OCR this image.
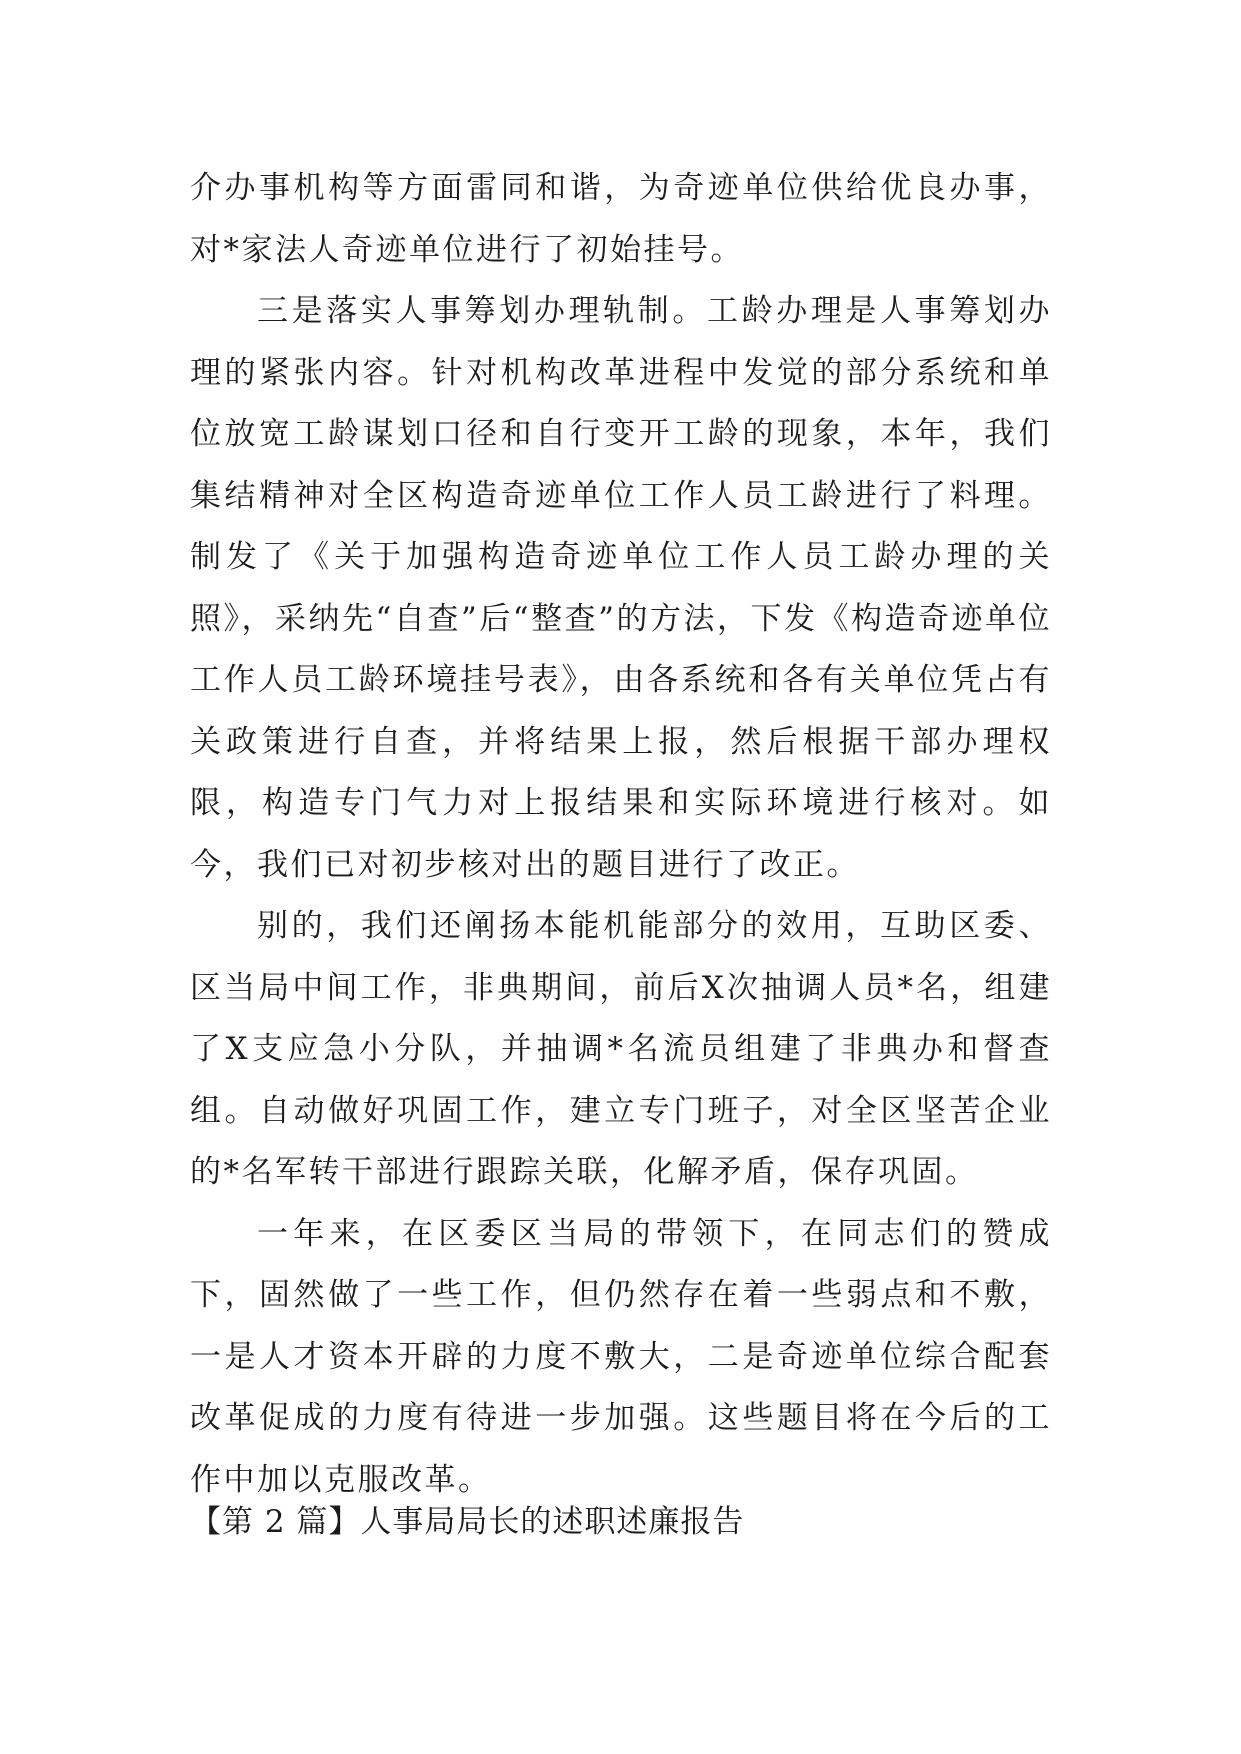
介办事机构等方面雷同和谐，为奇迹单位供给优良办事，对*家法人奇迹单位进行了初始挂号。

三是落实人事筹划办理轨制。工龄办理是人事筹划办理的紧张内容。针对机构改革进程中发觉的部分系统和单位放宽工龄谋划口径和自行变开工龄的现象，本年，我们集结精神对全区构造奇迹单位工作人员工龄进行了料理。制发了《关于加强构造奇迹单位工作人员工龄办理的关照》，采纳先“自查”后“整查”的方法，下发《构造奇迹单位工作人员工龄环境挂号表》，由各系统和各有关单位凭占有关政策进行自查，并将结果上报，然后根据干部办理权限，构造专门气力对上报结果和实际环境进行核对。如今，我们已对初步核对出的题目进行了改正。

别的，我们还阐扬本能机能部分的效用，互助区委、区当局中间工作，非典期间，前后X次抽调人员*名，组建了X支应急小分队，并抽调*名流员组建了非典办和督查组。自动做好巩固工作，建立专门班子，对全区坚苦企业的*名军转干部进行跟踪关联，化解矛盾，保存巩固。

一年来，在区委区当局的带领下，在同志们的赞成下，固然做了一些工作，但仍然存在着一些弱点和不敷，一是人才资本开辟的力度不敷大，二是奇迹单位综合配套改革促成的力度有待进一步加强。这些题目将在今后的工作中加以克服改革。

【第 2 篇】人事局局长的述职述廉报告
